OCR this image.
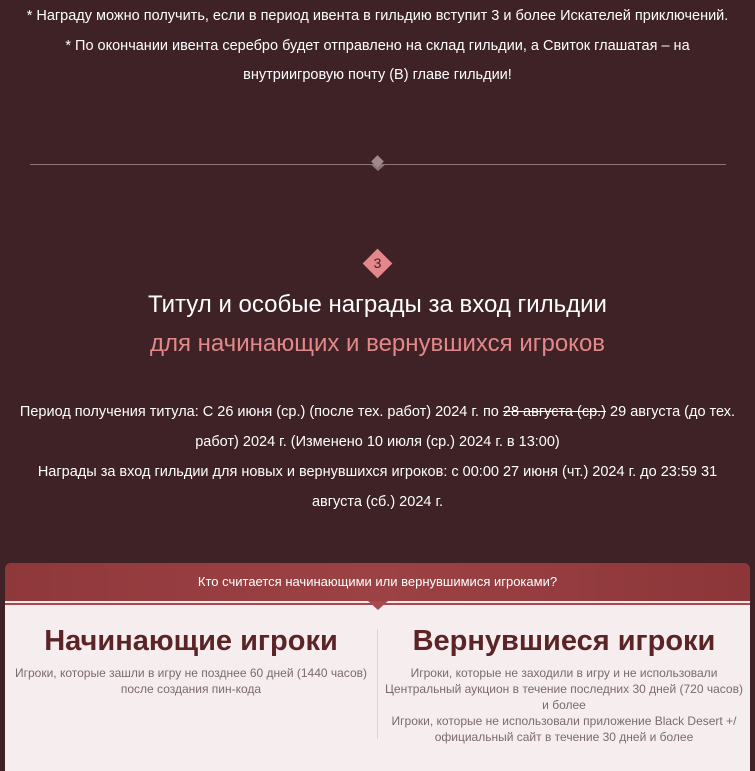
* Награду можно получить, если в период ивента в гильдию вступит 3 и более Искателей приключений.

* По окончании ивента серебро будет отправлено на склад гильдии, а Свиток глашатая – на

внутриигровую почту (B) главе гильдии!

3
Титул и особые награды за вход гильдии
для начинающих и вернувшихся игроков

Период получения титула: С 26 июня (ср.) (после тех. работ) 2024 г. по 28 августа (ср.) 29 августа (до тех.

работ) 2024 г. (Изменено 10 июля (ср.) 2024 г. в 13:00)

Награды за вход гильдии для новых и вернувшихся игроков: с 00:00 27 июня (чт.) 2024 г. до 23:59 31

августа (сб.) 2024 г.

Кто считается начинающими или вернувшимися игроками?
Начинающие игроки

Игроки, которые зашли в игру не позднее 60 дней (1440 часов)

после создания пин-кода

Вернувшиеся игроки

Игроки, которые не заходили в игру и не использовали

Центральный аукцион в течение последних 30 дней (720 часов)

и более

Игроки, которые не использовали приложение Black Desert +/

официальный сайт в течение 30 дней и более
